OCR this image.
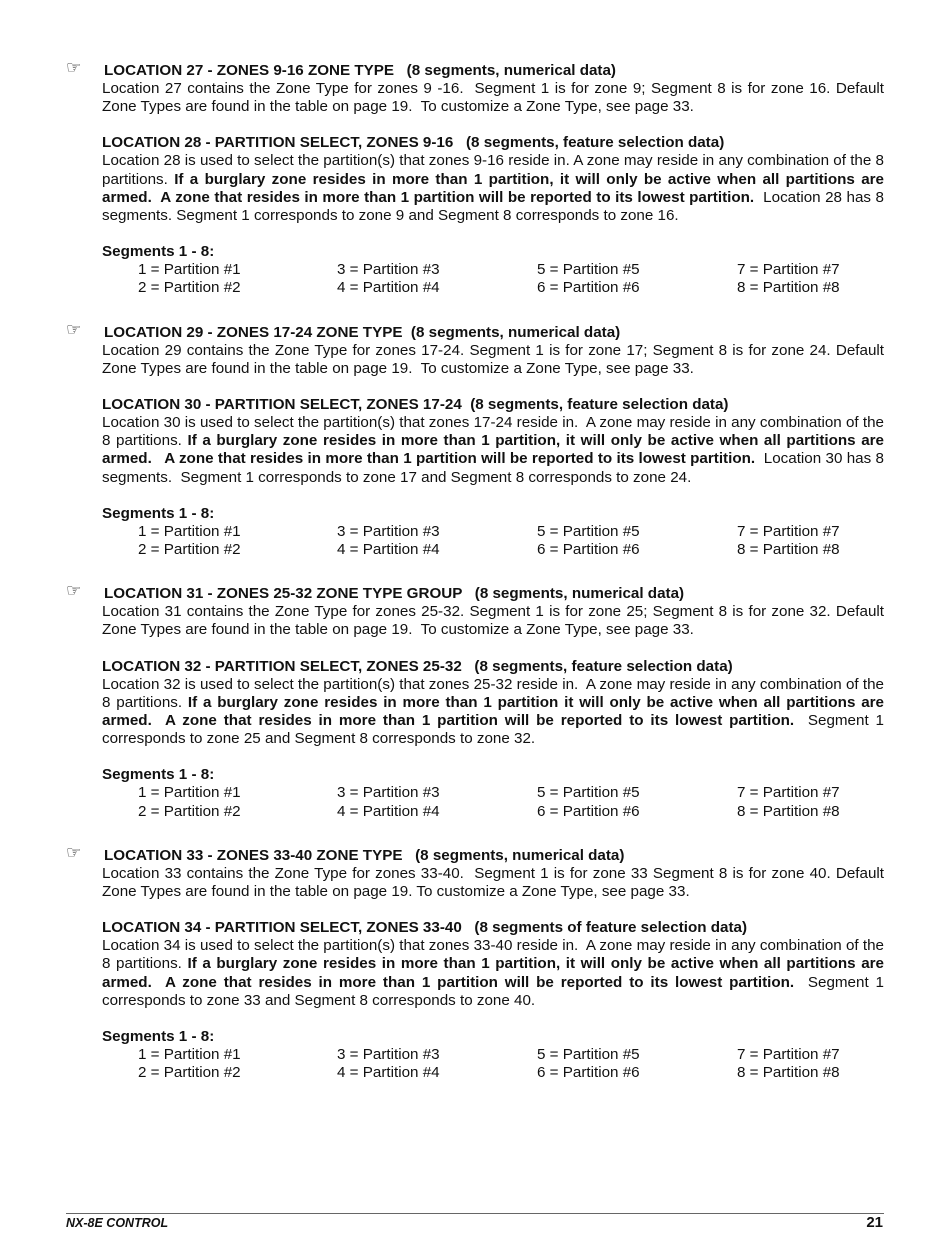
☞	LOCATION 27 - ZONES 9-16 ZONE TYPE   (8 segments, numerical data)

Location 27 contains the Zone Type for zones 9 -16.  Segment 1 is for zone 9; Segment 8 is for zone 16. Default Zone Types are found in the table on page 19.  To customize a Zone Type, see page 33.

LOCATION 28 - PARTITION SELECT, ZONES 9-16   (8 segments, feature selection data)

Location 28 is used to select the partition(s) that zones 9-16 reside in. A zone may reside in any combination of the 8 partitions. If a burglary zone resides in more than 1 partition, it will only be active when all partitions are armed.  A zone that resides in more than 1 partition will be reported to its lowest partition.  Location 28 has 8 segments. Segment 1 corresponds to zone 9 and Segment 8 corresponds to zone 16.

Segments 1 - 8:

1 = Partition #1	3 = Partition #3	5 = Partition #5	7 = Partition #7
2 = Partition #2	4 = Partition #4	6 = Partition #6	8 = Partition #8
☞	LOCATION 29 - ZONES 17-24 ZONE TYPE  (8 segments, numerical data)

Location 29 contains the Zone Type for zones 17-24. Segment 1 is for zone 17; Segment 8 is for zone 24. Default Zone Types are found in the table on page 19.  To customize a Zone Type, see page 33.

LOCATION 30 - PARTITION SELECT, ZONES 17-24  (8 segments, feature selection data)

Location 30 is used to select the partition(s) that zones 17-24 reside in.  A zone may reside in any combination of the 8 partitions. If a burglary zone resides in more than 1 partition, it will only be active when all partitions are armed.   A zone that resides in more than 1 partition will be reported to its lowest partition.  Location 30 has 8 segments.  Segment 1 corresponds to zone 17 and Segment 8 corresponds to zone 24.

Segments 1 - 8:

1 = Partition #1	3 = Partition #3	5 = Partition #5	7 = Partition #7
2 = Partition #2	4 = Partition #4	6 = Partition #6	8 = Partition #8
☞	LOCATION 31 - ZONES 25-32 ZONE TYPE GROUP   (8 segments, numerical data)

Location 31 contains the Zone Type for zones 25-32. Segment 1 is for zone 25; Segment 8 is for zone 32. Default Zone Types are found in the table on page 19.  To customize a Zone Type, see page 33.

LOCATION 32 - PARTITION SELECT, ZONES 25-32   (8 segments, feature selection data)

Location 32 is used to select the partition(s) that zones 25-32 reside in.  A zone may reside in any combination of the 8 partitions. If a burglary zone resides in more than 1 partition it will only be active when all partitions are armed.  A zone that resides in more than 1 partition will be reported to its lowest partition.  Segment 1 corresponds to zone 25 and Segment 8 corresponds to zone 32.

Segments 1 - 8:

1 = Partition #1	3 = Partition #3	5 = Partition #5	7 = Partition #7
2 = Partition #2	4 = Partition #4	6 = Partition #6	8 = Partition #8
☞	LOCATION 33 - ZONES 33-40 ZONE TYPE   (8 segments, numerical data)

Location 33 contains the Zone Type for zones 33-40.  Segment 1 is for zone 33 Segment 8 is for zone 40. Default Zone Types are found in the table on page 19. To customize a Zone Type, see page 33.

LOCATION 34 - PARTITION SELECT, ZONES 33-40   (8 segments of feature selection data)

Location 34 is used to select the partition(s) that zones 33-40 reside in.  A zone may reside in any combination of the 8 partitions. If a burglary zone resides in more than 1 partition, it will only be active when all partitions are armed.  A zone that resides in more than 1 partition will be reported to its lowest partition.  Segment 1 corresponds to zone 33 and Segment 8 corresponds to zone 40.

Segments 1 - 8:

1 = Partition #1	3 = Partition #3	5 = Partition #5	7 = Partition #7
2 = Partition #2	4 = Partition #4	6 = Partition #6	8 = Partition #8
NX-8E CONTROL	21
